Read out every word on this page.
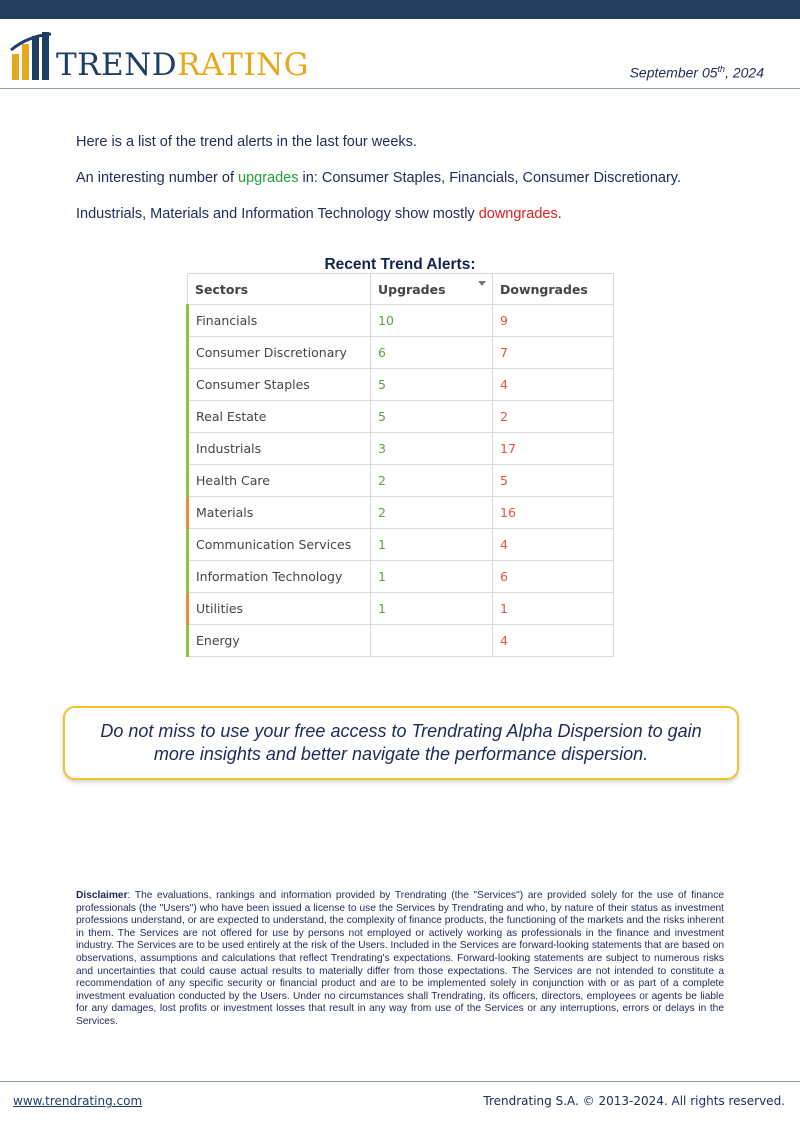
TRENDRATING	September 05th, 2024

Here is a list of the trend alerts in the last four weeks.

An interesting number of upgrades in: Consumer Staples, Financials, Consumer Discretionary.

Industrials, Materials and Information Technology show mostly downgrades.

Recent Trend Alerts:
Sectors	Upgrades	Downgrades
Financials	10	9
Consumer Discretionary	6	7
Consumer Staples	5	4
Real Estate	5	2
Industrials	3	17
Health Care	2	5
Materials	2	16
Communication Services	1	4
Information Technology	1	6
Utilities	1	1
Energy		4
Do not miss to use your free access to Trendrating Alpha Dispersion to gain more insights and better navigate the performance dispersion.
Disclaimer: The evaluations, rankings and information provided by Trendrating (the "Services") are provided solely for the use of finance professionals (the "Users") who have been issued a license to use the Services by Trendrating and who, by nature of their status as investment professions understand, or are expected to understand, the complexity of finance products, the functioning of the markets and the risks inherent in them. The Services are not offered for use by persons not employed or actively working as professionals in the finance and investment industry. The Services are to be used entirely at the risk of the Users. Included in the Services are forward-looking statements that are based on observations, assumptions and calculations that reflect Trendrating's expectations. Forward-looking statements are subject to numerous risks and uncertainties that could cause actual results to materially differ from those expectations. The Services are not intended to constitute a recommendation of any specific security or financial product and are to be implemented solely in conjunction with or as part of a complete investment evaluation conducted by the Users. Under no circumstances shall Trendrating, its officers, directors, employees or agents be liable for any damages, lost profits or investment losses that result in any way from use of the Services or any interruptions, errors or delays in the Services.
www.trendrating.com	Trendrating S.A. © 2013-2024. All rights reserved.
